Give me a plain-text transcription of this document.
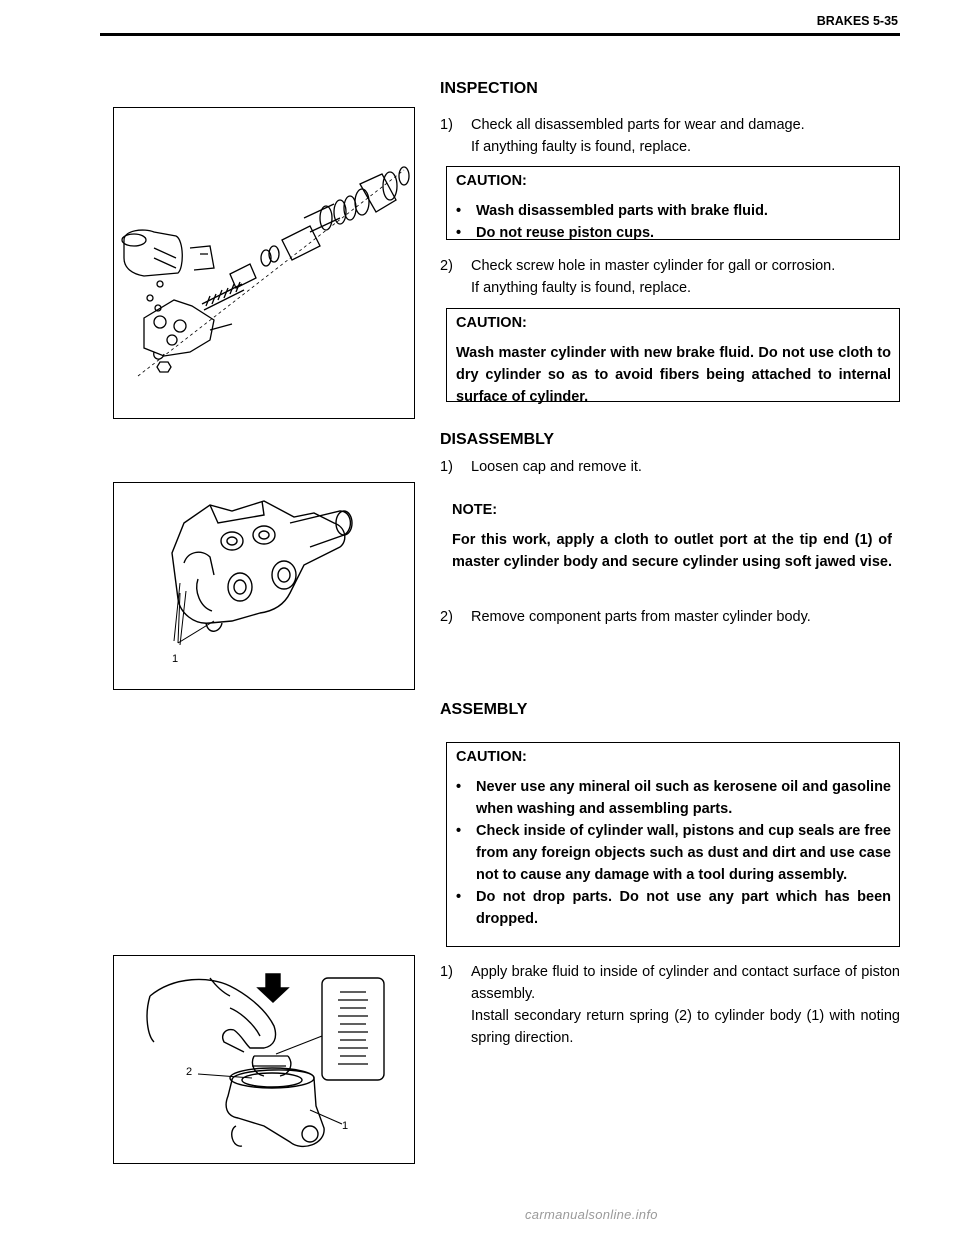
BRAKES 5-35
INSPECTION
1) Check all disassembled parts for wear and damage.
If anything faulty is found, replace.
CAUTION:
• Wash disassembled parts with brake fluid.
• Do not reuse piston cups.
2) Check screw hole in master cylinder for gall or corrosion.
If anything faulty is found, replace.
CAUTION:
Wash master cylinder with new brake fluid. Do not use cloth to dry cylinder so as to avoid fibers being attached to internal surface of cylinder.
DISASSEMBLY
1) Loosen cap and remove it.
1
NOTE:
For this work, apply a cloth to outlet port at the tip end (1) of master cylinder body and secure cylinder using soft jawed vise.
2) Remove component parts from master cylinder body.
ASSEMBLY
CAUTION:
• Never use any mineral oil such as kerosene oil and gasoline when washing and assembling parts.
• Check inside of cylinder wall, pistons and cup seals are free from any foreign objects such as dust and dirt and use case not to cause any damage with a tool during assembly.
• Do not drop parts. Do not use any part which has been dropped.
2
1
1) Apply brake fluid to inside of cylinder and contact surface of piston assembly.
Install secondary return spring (2) to cylinder body (1) with noting spring direction.
carmanualsonline.info
